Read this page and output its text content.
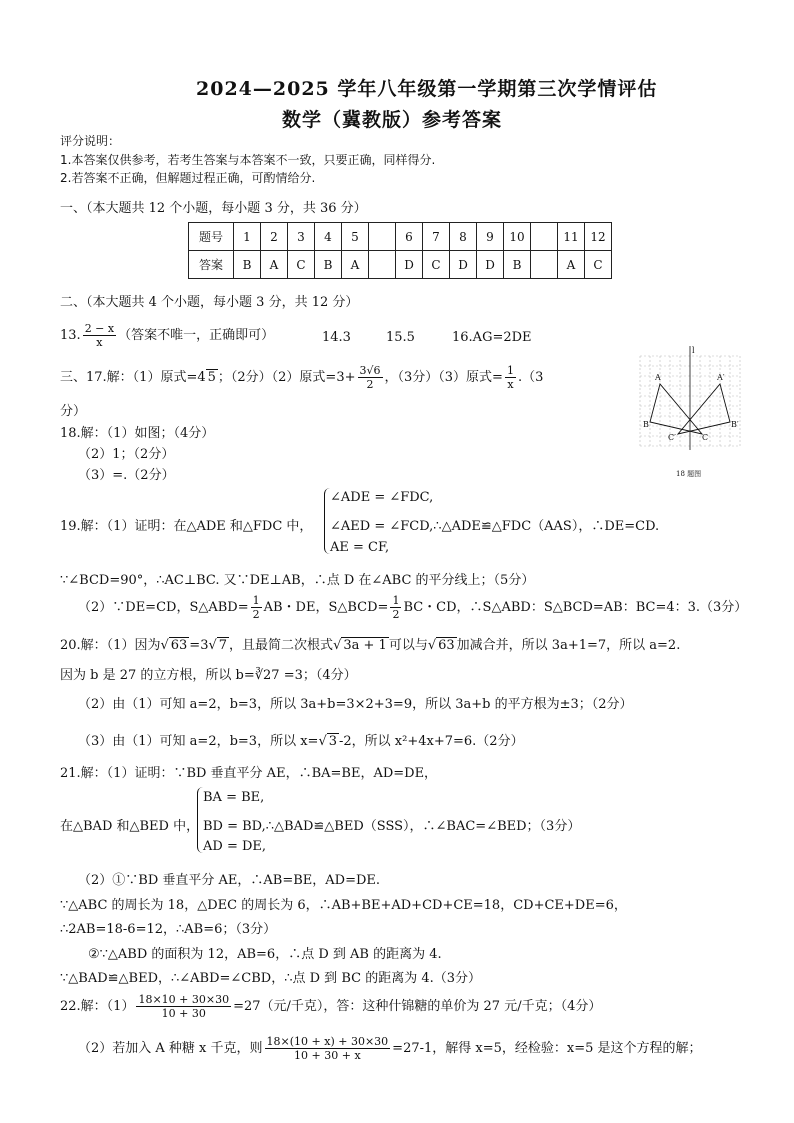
2024—2025 学年八年级第一学期第三次学情评估
数学（冀教版）参考答案
评分说明：
1.本答案仅供参考，若考生答案与本答案不一致，只要正确，同样得分.
2.若答案不正确，但解题过程正确，可酌情给分.
一、（本大题共 12 个小题，每小题 3 分，共 36 分）
题号	1	2	3	4	5		6	7	8	9	10		11	12
答案	B	A	C	B	A		D	C	D	D	B		A	C
二、（本大题共 4 个小题，每小题 3 分，共 12 分）
13. $\frac{2 - x}{x}$ （答案不唯一，正确即可）	14.3	15.5	16.AG=2DE
三、17.解：（1）原式=4 5 ；（2分）（2）原式$=3+ \frac{3√6}{2}$ ，（3分）（3）原式= $\frac{1}{x} .(3$
分）
18.解：（1）如图；（4分）
（2）1；（2分）
（3）=.（2分）
l
A	A′
B	B′
C′	C
18 题图
19.解：（1）证明：在△ADE 和△FDC 中，
∠ADE = ∠FDC,
∠AED = ∠FCD,∴△ADE≌△FDC（AAS），∴DE=CD.
AE = CF,
∵∠BCD=90°，∴AC⊥BC. 又∵DE⊥AB，∴点 D 在∠ABC 的平分线上；（5分）
（2）∵DE=CD，S△ABD= $\frac{1}{2}$ AB・DE，S△BCD= $\frac{1}{2}$ BC・CD，∴S△ABD：S△BCD=AB：BC=4：3.（3分）
20.解：（1）因为√ 63 =3√ 7 ，且最简二次根式√ 3a + 1 可以与√ 63 加减合并，所以 3a+1=7，所以 a=2.
因为 b 是 27 的立方根，所以 b=∛27 =3；（4分）
（2）由（1）可知 a=2，b=3，所以 3a+b=3×2+3=9，所以 3a+b 的平方根为±3；（2分）
（3）由（1）可知 a=2，b=3，所以 x=√ 3 -2，所以 x²+4x+7=6.（2分）
21.解：（1）证明：∵BD 垂直平分 AE，∴BA=BE，AD=DE，
在△BAD 和△BED 中，
BA = BE,
BD = BD,∴△BAD≌△BED（SSS），∴∠BAC=∠BED；（3分）
AD = DE,
（2）①∵BD 垂直平分 AE，∴AB=BE，AD=DE.
∵△ABC 的周长为 18，△DEC 的周长为 6，∴AB+BE+AD+CD+CE=18，CD+CE+DE=6，
∴2AB=18-6=12，∴AB=6；（3分）
②∵△ABD 的面积为 12，AB=6，∴点 D 到 AB 的距离为 4.
∵△BAD≌△BED，∴∠ABD=∠CBD，∴点 D 到 BC 的距离为 4.（3分）
22.解：$(1) \frac{18\times 10 + 30\times 30}{10 + 30} =27$（元/千克），答：这种什锦糖的单价为 27 元/千克；（4分）
（2）若加入 A 种糖 x 千克，则 $\frac{18\times(10 + x) + 30\times 30}{10 + 30 + x} =27-1$，解得 x=5，经检验：x=5 是这个方程的解；
